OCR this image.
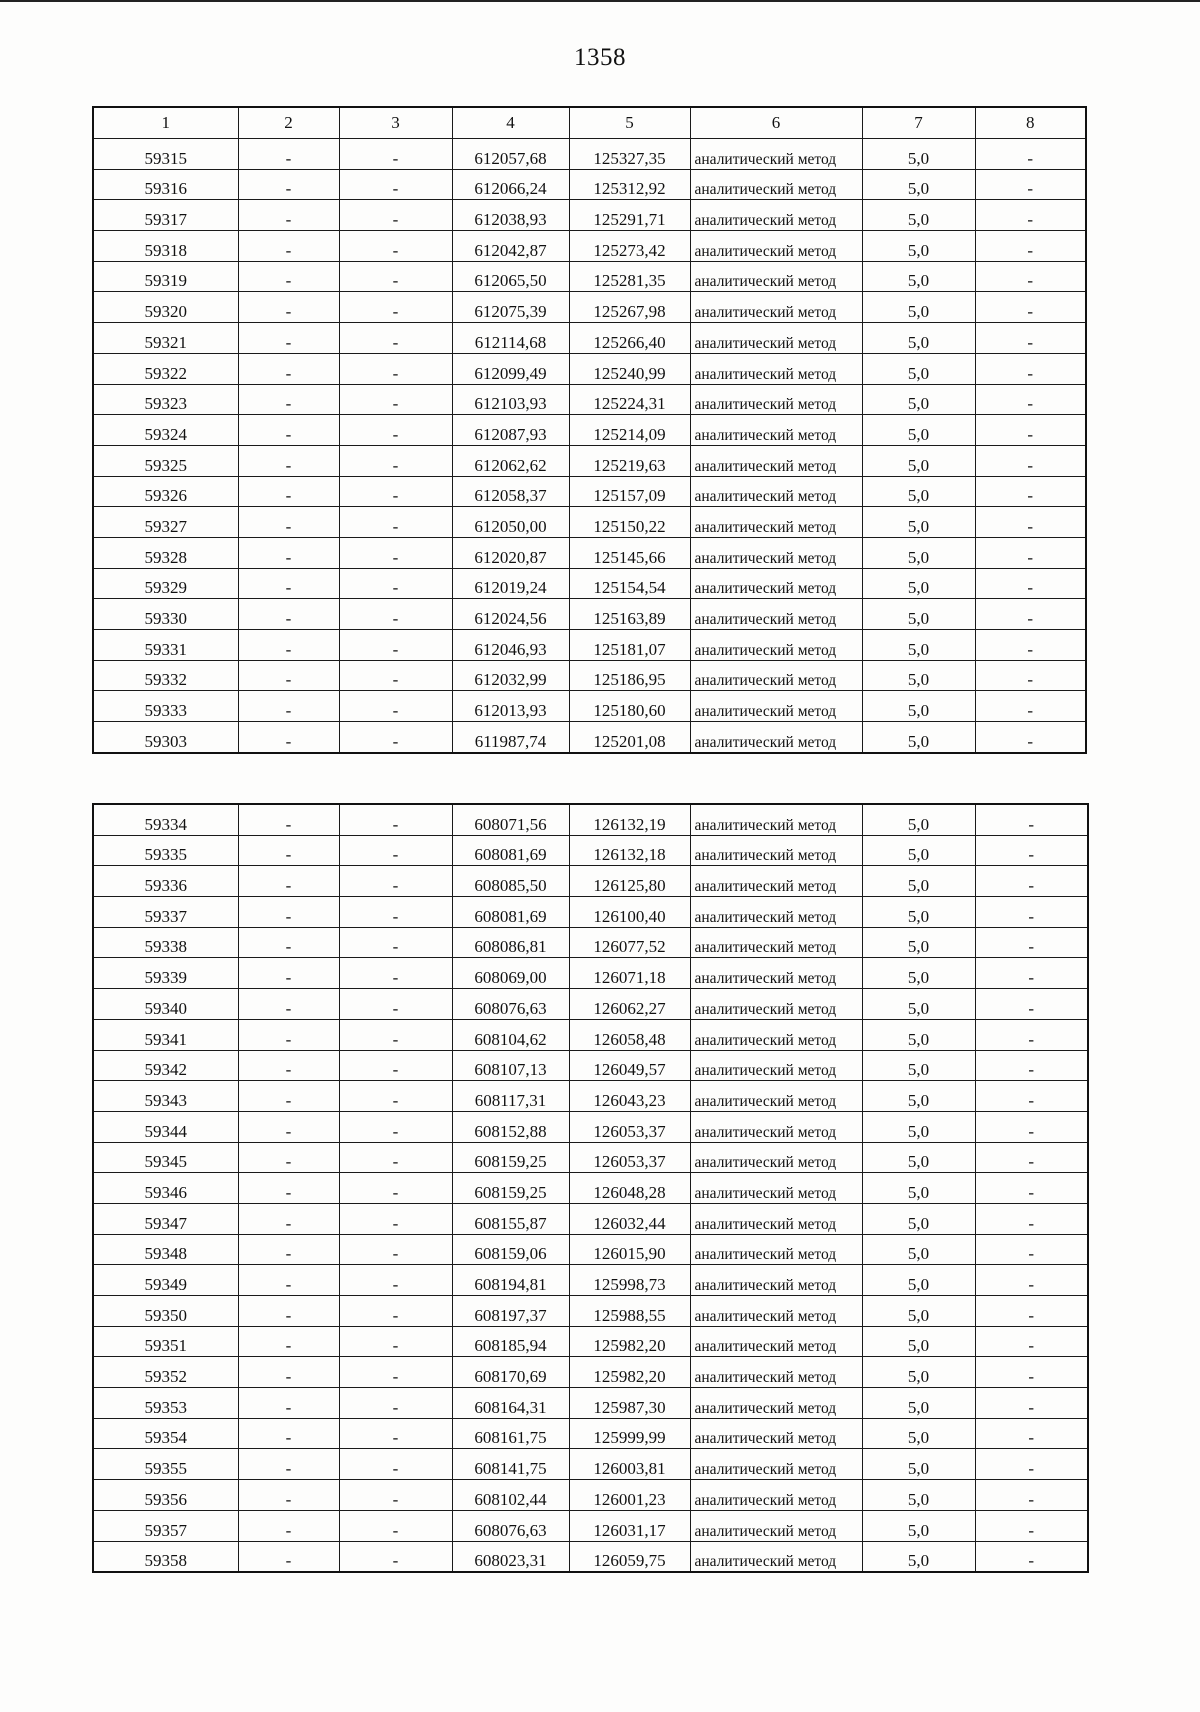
1358
1	2	3	4	5	6	7	8
59315	-	-	612057,68	125327,35	аналитический метод	5,0	-
59316	-	-	612066,24	125312,92	аналитический метод	5,0	-
59317	-	-	612038,93	125291,71	аналитический метод	5,0	-
59318	-	-	612042,87	125273,42	аналитический метод	5,0	-
59319	-	-	612065,50	125281,35	аналитический метод	5,0	-
59320	-	-	612075,39	125267,98	аналитический метод	5,0	-
59321	-	-	612114,68	125266,40	аналитический метод	5,0	-
59322	-	-	612099,49	125240,99	аналитический метод	5,0	-
59323	-	-	612103,93	125224,31	аналитический метод	5,0	-
59324	-	-	612087,93	125214,09	аналитический метод	5,0	-
59325	-	-	612062,62	125219,63	аналитический метод	5,0	-
59326	-	-	612058,37	125157,09	аналитический метод	5,0	-
59327	-	-	612050,00	125150,22	аналитический метод	5,0	-
59328	-	-	612020,87	125145,66	аналитический метод	5,0	-
59329	-	-	612019,24	125154,54	аналитический метод	5,0	-
59330	-	-	612024,56	125163,89	аналитический метод	5,0	-
59331	-	-	612046,93	125181,07	аналитический метод	5,0	-
59332	-	-	612032,99	125186,95	аналитический метод	5,0	-
59333	-	-	612013,93	125180,60	аналитический метод	5,0	-
59303	-	-	611987,74	125201,08	аналитический метод	5,0	-
59334	-	-	608071,56	126132,19	аналитический метод	5,0	-
59335	-	-	608081,69	126132,18	аналитический метод	5,0	-
59336	-	-	608085,50	126125,80	аналитический метод	5,0	-
59337	-	-	608081,69	126100,40	аналитический метод	5,0	-
59338	-	-	608086,81	126077,52	аналитический метод	5,0	-
59339	-	-	608069,00	126071,18	аналитический метод	5,0	-
59340	-	-	608076,63	126062,27	аналитический метод	5,0	-
59341	-	-	608104,62	126058,48	аналитический метод	5,0	-
59342	-	-	608107,13	126049,57	аналитический метод	5,0	-
59343	-	-	608117,31	126043,23	аналитический метод	5,0	-
59344	-	-	608152,88	126053,37	аналитический метод	5,0	-
59345	-	-	608159,25	126053,37	аналитический метод	5,0	-
59346	-	-	608159,25	126048,28	аналитический метод	5,0	-
59347	-	-	608155,87	126032,44	аналитический метод	5,0	-
59348	-	-	608159,06	126015,90	аналитический метод	5,0	-
59349	-	-	608194,81	125998,73	аналитический метод	5,0	-
59350	-	-	608197,37	125988,55	аналитический метод	5,0	-
59351	-	-	608185,94	125982,20	аналитический метод	5,0	-
59352	-	-	608170,69	125982,20	аналитический метод	5,0	-
59353	-	-	608164,31	125987,30	аналитический метод	5,0	-
59354	-	-	608161,75	125999,99	аналитический метод	5,0	-
59355	-	-	608141,75	126003,81	аналитический метод	5,0	-
59356	-	-	608102,44	126001,23	аналитический метод	5,0	-
59357	-	-	608076,63	126031,17	аналитический метод	5,0	-
59358	-	-	608023,31	126059,75	аналитический метод	5,0	-
